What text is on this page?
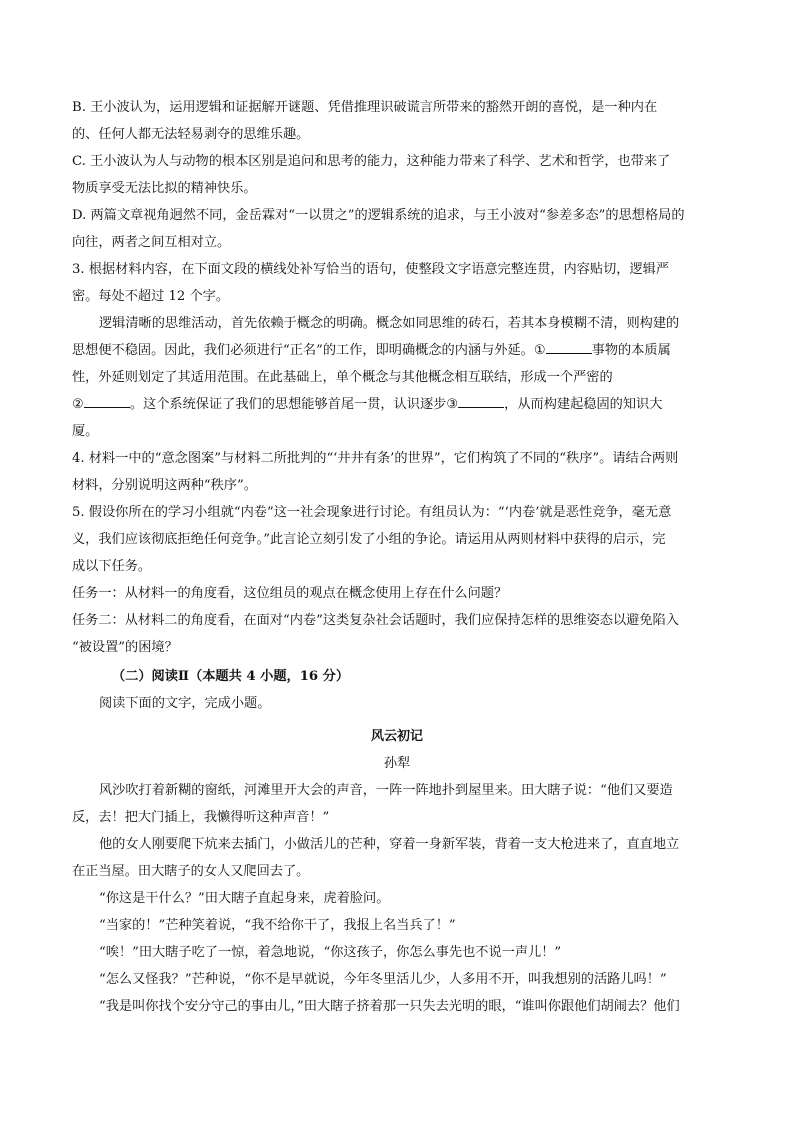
B. 王小波认为，运用逻辑和证据解开谜题、凭借推理识破谎言所带来的豁然开朗的喜悦，是一种内在
的、任何人都无法轻易剥夺的思维乐趣。
C. 王小波认为人与动物的根本区别是追问和思考的能力，这种能力带来了科学、艺术和哲学，也带来了
物质享受无法比拟的精神快乐。
D. 两篇文章视角迥然不同，金岳霖对“一以贯之”的逻辑系统的追求，与王小波对“参差多态”的思想格局的
向往，两者之间互相对立。
3. 根据材料内容，在下面文段的横线处补写恰当的语句，使整段文字语意完整连贯，内容贴切，逻辑严
密。每处不超过 12 个字。
逻辑清晰的思维活动，首先依赖于概念的明确。概念如同思维的砖石，若其本身模糊不清，则构建的
思想便不稳固。因此，我们必须进行“正名”的工作，即明确概念的内涵与外延。①	事物的本质属
性，外延则划定了其适用范围。在此基础上，单个概念与其他概念相互联结，形成一个严密的
②	。这个系统保证了我们的思想能够首尾一贯，认识逐步③	，从而构建起稳固的知识大
厦。
4. 材料一中的“意念图案”与材料二所批判的“‘井井有条’的世界”，它们构筑了不同的“秩序”。请结合两则
材料，分别说明这两种“秩序”。
5. 假设你所在的学习小组就“内卷”这一社会现象进行讨论。有组员认为：“‘内卷’就是恶性竞争，毫无意
义，我们应该彻底拒绝任何竞争。”此言论立刻引发了小组的争论。请运用从两则材料中获得的启示，完
成以下任务。
任务一：从材料一的角度看，这位组员的观点在概念使用上存在什么问题？
任务二：从材料二的角度看，在面对“内卷”这类复杂社会话题时，我们应保持怎样的思维姿态以避免陷入
“被设置”的困境？
（二）阅读Ⅱ（本题共 4 小题，16 分）
阅读下面的文字，完成小题。
风云初记
孙犁
风沙吹打着新糊的窗纸，河滩里开大会的声音，一阵一阵地扑到屋里来。田大瞎子说：“他们又要造
反，去！把大门插上，我懒得听这种声音！”
他的女人刚要爬下炕来去插门，小做活儿的芒种，穿着一身新军装，背着一支大枪进来了，直直地立
在正当屋。田大瞎子的女人又爬回去了。
“你这是干什么？”田大瞎子直起身来，虎着脸问。
“当家的！”芒种笑着说，“我不给你干了，我报上名当兵了！”
“唉！”田大瞎子吃了一惊，着急地说，“你这孩子，你怎么事先也不说一声儿！”
“怎么又怪我？”芒种说，“你不是早就说，今年冬里活儿少，人多用不开，叫我想别的活路儿吗！”
“我是叫你找个安分守己的事由儿，”田大瞎子挤着那一只失去光明的眼，“谁叫你跟他们胡闹去？他们
